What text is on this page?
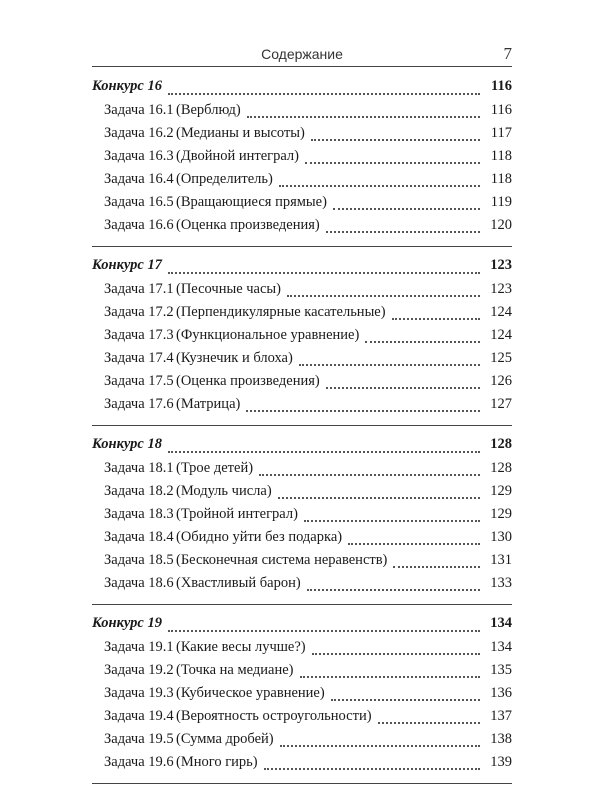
Содержание	7
Конкурс 16	116
Задача 16.1 (Верблюд)	116
Задача 16.2 (Медианы и высоты)	117
Задача 16.3 (Двойной интеграл)	118
Задача 16.4 (Определитель)	118
Задача 16.5 (Вращающиеся прямые)	119
Задача 16.6 (Оценка произведения)	120
Конкурс 17	123
Задача 17.1 (Песочные часы)	123
Задача 17.2 (Перпендикулярные касательные)	124
Задача 17.3 (Функциональное уравнение)	124
Задача 17.4 (Кузнечик и блоха)	125
Задача 17.5 (Оценка произведения)	126
Задача 17.6 (Матрица)	127
Конкурс 18	128
Задача 18.1 (Трое детей)	128
Задача 18.2 (Модуль числа)	129
Задача 18.3 (Тройной интеграл)	129
Задача 18.4 (Обидно уйти без подарка)	130
Задача 18.5 (Бесконечная система неравенств)	131
Задача 18.6 (Хвастливый барон)	133
Конкурс 19	134
Задача 19.1 (Какие весы лучше?)	134
Задача 19.2 (Точка на медиане)	135
Задача 19.3 (Кубическое уравнение)	136
Задача 19.4 (Вероятность остроугольности)	137
Задача 19.5 (Сумма дробей)	138
Задача 19.6 (Много гирь)	139
